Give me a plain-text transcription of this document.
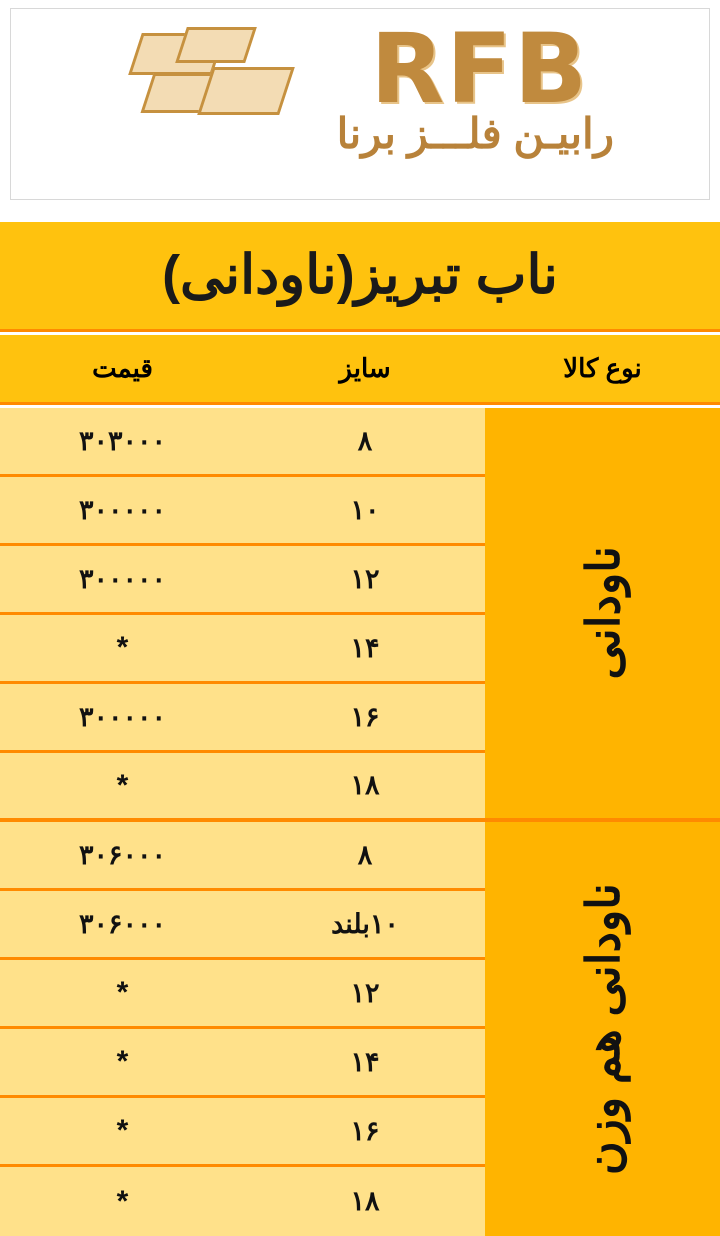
RFB
رابیـن فلـــز برنا
ناب تبریز(ناودانی)
نوع کالا
سایز
قیمت
ناودانی
ناودانی هم وزن
۸
۳۰۳۰۰۰
۱۰
۳۰۰۰۰۰
۱۲
۳۰۰۰۰۰
۱۴
*
۱۶
۳۰۰۰۰۰
۱۸
*
۸
۳۰۶۰۰۰
۱۰بلند
۳۰۶۰۰۰
۱۲
*
۱۴
*
۱۶
*
۱۸
*
